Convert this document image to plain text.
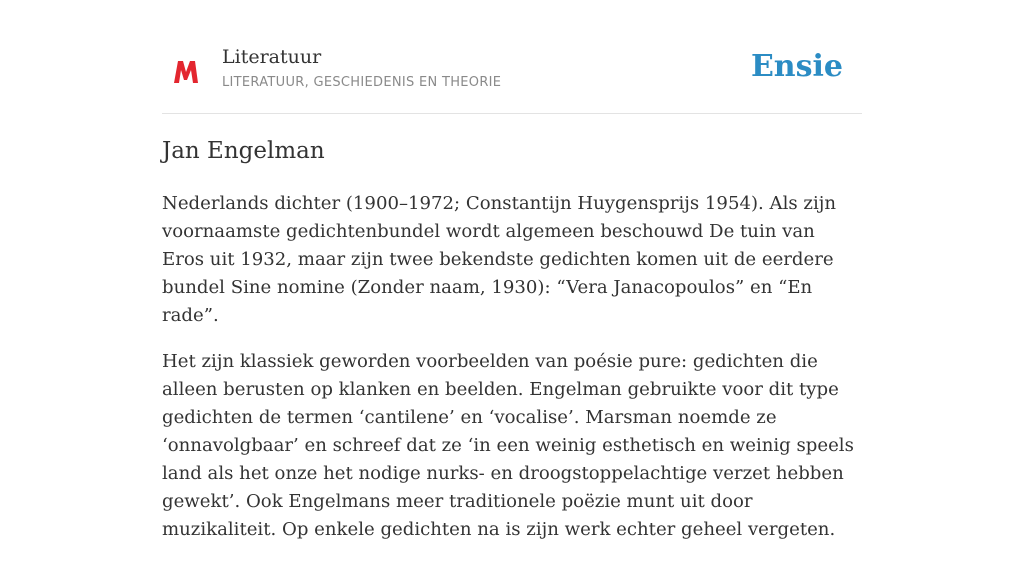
Literatuur
LITERATUUR, GESCHIEDENIS EN THEORIE	Ensie
Jan Engelman

Nederlands dichter (1900–1972; Constantijn Huygensprijs 1954). Als zijn voornaamste gedichtenbundel wordt algemeen beschouwd De tuin van Eros uit 1932, maar zijn twee bekendste gedichten komen uit de eerdere bundel Sine nomine (Zonder naam, 1930): “Vera Janacopoulos” en “En rade”.

Het zijn klassiek geworden voorbeelden van poésie pure: gedichten die alleen berusten op klanken en beelden. Engelman gebruikte voor dit type gedichten de termen ‘cantilene’ en ‘vocalise’. Marsman noemde ze ‘onnavolgbaar’ en schreef dat ze ‘in een weinig esthetisch en weinig speels land als het onze het nodige nurks- en droogstoppelachtige verzet hebben gewekt’. Ook Engelmans meer traditionele poëzie munt uit door muzikaliteit. Op enkele gedichten na is zijn werk echter geheel vergeten.
